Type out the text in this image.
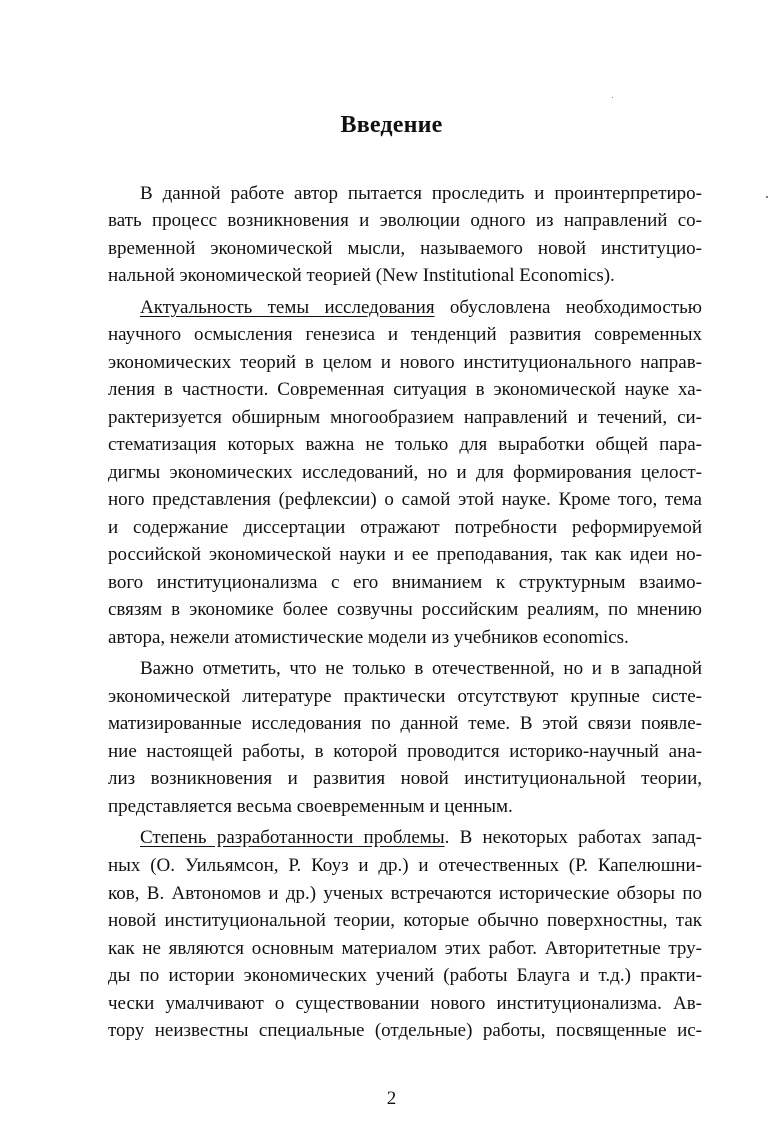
Введение
В данной работе автор пытается проследить и проинтерпретиро-
вать процесс возникновения и эволюции одного из направлений со-
временной экономической мысли, называемого новой институцио-
нальной экономической теорией (New Institutional Economics).
Актуальность темы исследования обусловлена необходимостью
научного осмысления генезиса и тенденций развития современных
экономических теорий в целом и нового институционального направ-
ления в частности. Современная ситуация в экономической науке ха-
рактеризуется обширным многообразием направлений и течений, си-
стематизация которых важна не только для выработки общей пара-
дигмы экономических исследований, но и для формирования целост-
ного представления (рефлексии) о самой этой науке. Кроме того, тема
и содержание диссертации отражают потребности реформируемой
российской экономической науки и ее преподавания, так как идеи но-
вого институционализма с его вниманием к структурным взаимо-
связям в экономике более созвучны российским реалиям, по мнению
автора, нежели атомистические модели из учебников economics.
Важно отметить, что не только в отечественной, но и в западной
экономической литературе практически отсутствуют крупные систе-
матизированные исследования по данной теме. В этой связи появле-
ние настоящей работы, в которой проводится историко-научный ана-
лиз возникновения и развития новой институциональной теории,
представляется весьма своевременным и ценным.
Степень разработанности проблемы. В некоторых работах запад-
ных (О. Уильямсон, Р. Коуз и др.) и отечественных (Р. Капелюшни-
ков, В. Автономов и др.) ученых встречаются исторические обзоры по
новой институциональной теории, которые обычно поверхностны, так
как не являются основным материалом этих работ. Авторитетные тру-
ды по истории экономических учений (работы Блауга и т.д.) практи-
чески умалчивают о существовании нового институционализма. Ав-
тору неизвестны специальные (отдельные) работы, посвященные ис-
2
